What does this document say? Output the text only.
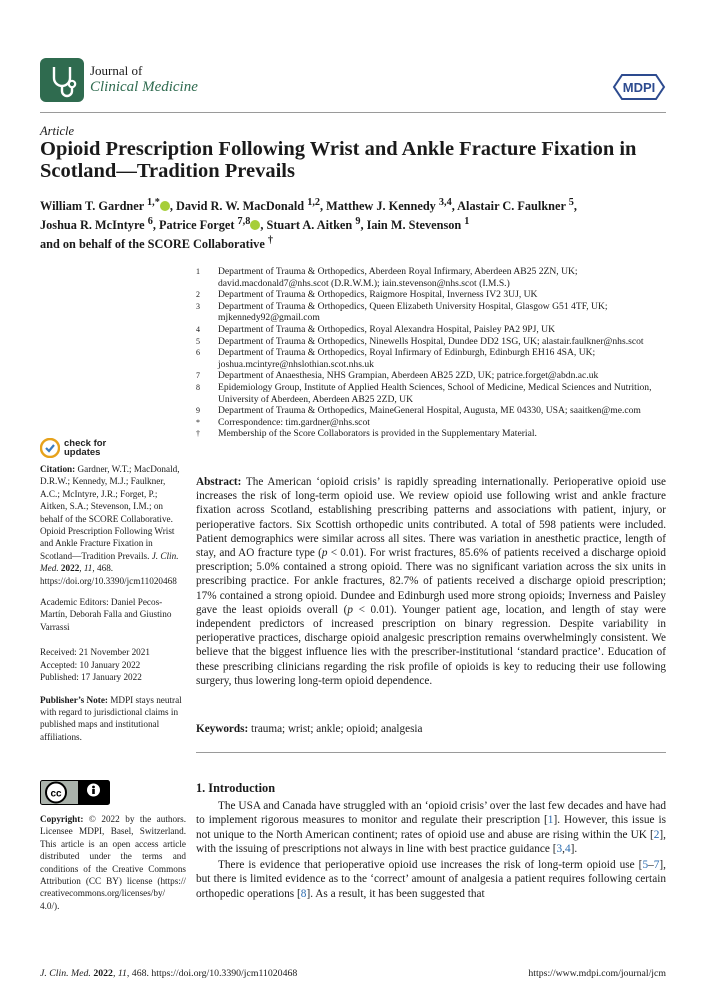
Journal of
Clinical Medicine	MDPI
Article
Opioid Prescription Following Wrist and Ankle Fracture Fixation in Scotland—Tradition Prevails
William T. Gardner $^{1,*}$ , David R. W. MacDonald $^{1,2}$, Matthew J. Kennedy $^{3,4}$, Alastair C. Faulkner $^5$,
Joshua R. McIntyre $^6$, Patrice Forget $^{7,8}$ , Stuart A. Aitken $^9$, Iain M. Stevenson $^1$
and on behalf of the SCORE Collaborative †
1	Department of Trauma & Orthopedics, Aberdeen Royal Infirmary, Aberdeen AB25 2ZN, UK; david.macdonald7@nhs.scot (D.R.W.M.); iain.stevenson@nhs.scot (I.M.S.)
2	Department of Trauma & Orthopedics, Raigmore Hospital, Inverness IV2 3UJ, UK
3	Department of Trauma & Orthopedics, Queen Elizabeth University Hospital, Glasgow G51 4TF, UK; mjkennedy92@gmail.com
4	Department of Trauma & Orthopedics, Royal Alexandra Hospital, Paisley PA2 9PJ, UK
5	Department of Trauma & Orthopedics, Ninewells Hospital, Dundee DD2 1SG, UK; alastair.faulkner@nhs.scot
6	Department of Trauma & Orthopedics, Royal Infirmary of Edinburgh, Edinburgh EH16 4SA, UK; joshua.mcintyre@nhslothian.scot.nhs.uk
7	Department of Anaesthesia, NHS Grampian, Aberdeen AB25 2ZD, UK; patrice.forget@abdn.ac.uk
8	Epidemiology Group, Institute of Applied Health Sciences, School of Medicine, Medical Sciences and Nutrition, University of Aberdeen, Aberdeen AB25 2ZD, UK
9	Department of Trauma & Orthopedics, MaineGeneral Hospital, Augusta, ME 04330, USA; saaitken@me.com
*	Correspondence: tim.gardner@nhs.scot
†	Membership of the Score Collaborators is provided in the Supplementary Material.
check for
updates

Citation: Gardner, W.T.; MacDonald, D.R.W.; Kennedy, M.J.; Faulkner, A.C.; McIntyre, J.R.; Forget, P.; Aitken, S.A.; Stevenson, I.M.; on behalf of the SCORE Collaborative. Opioid Prescription Following Wrist and Ankle Fracture Fixation in Scotland—Tradition Prevails. J. Clin. Med. 2022, 11, 468. https://doi.org/10.3390/jcm11020468

Academic Editors: Daniel Pecos-Martín, Deborah Falla and Giustino Varrassi

Received: 21 November 2021
Accepted: 10 January 2022
Published: 17 January 2022

Publisher’s Note: MDPI stays neutral with regard to jurisdictional claims in published maps and institutional affiliations.

cc
Copyright: © 2022 by the authors. Licensee MDPI, Basel, Switzerland. This article is an open access article distributed under the terms and conditions of the Creative Commons Attribution (CC BY) license (https:// creativecommons.org/licenses/by/ 4.0/).
Abstract: The American ‘opioid crisis’ is rapidly spreading internationally. Perioperative opioid use increases the risk of long-term opioid use. We review opioid use following wrist and ankle fracture fixation across Scotland, establishing prescribing patterns and associations with patient, injury, or perioperative factors. Six Scottish orthopedic units contributed. A total of 598 patients were included. Patient demographics were similar across all sites. There was variation in anesthetic practice, length of stay, and AO fracture type (p < 0.01). For wrist fractures, 85.6% of patients received a discharge opioid prescription; 5.0% contained a strong opioid. There was no significant variation across the six units in prescribing practice. For ankle fractures, 82.7% of patients received a discharge opioid prescription; 17% contained a strong opioid. Dundee and Edinburgh used more strong opioids; Inverness and Paisley gave the least opioids overall (p < 0.01). Younger patient age, location, and length of stay were independent predictors of increased prescription on binary regression. Despite variability in perioperative practices, discharge opioid analgesic prescription remains overwhelmingly consistent. We believe that the biggest influence lies with the prescriber-institutional ‘standard practice’. Education of these prescribing clinicians regarding the risk profile of opioids is key to reducing their use following surgery, thus lowering long-term opioid dependence.
Keywords: trauma; wrist; ankle; opioid; analgesia
1. Introduction

The USA and Canada have struggled with an ‘opioid crisis’ over the last few decades and have had to implement rigorous measures to monitor and regulate their prescription [1]. However, this issue is not unique to the North American continent; rates of opioid use and abuse are rising within the UK [2], with the issuing of prescriptions not always in line with best practice guidance [3,4].

There is evidence that perioperative opioid use increases the risk of long-term opioid use [5–7], but there is limited evidence as to the ‘correct’ amount of analgesia a patient requires following certain orthopedic operations [8]. As a result, it has been suggested that

J. Clin. Med. 2022, 11, 468. https://doi.org/10.3390/jcm11020468	https://www.mdpi.com/journal/jcm
